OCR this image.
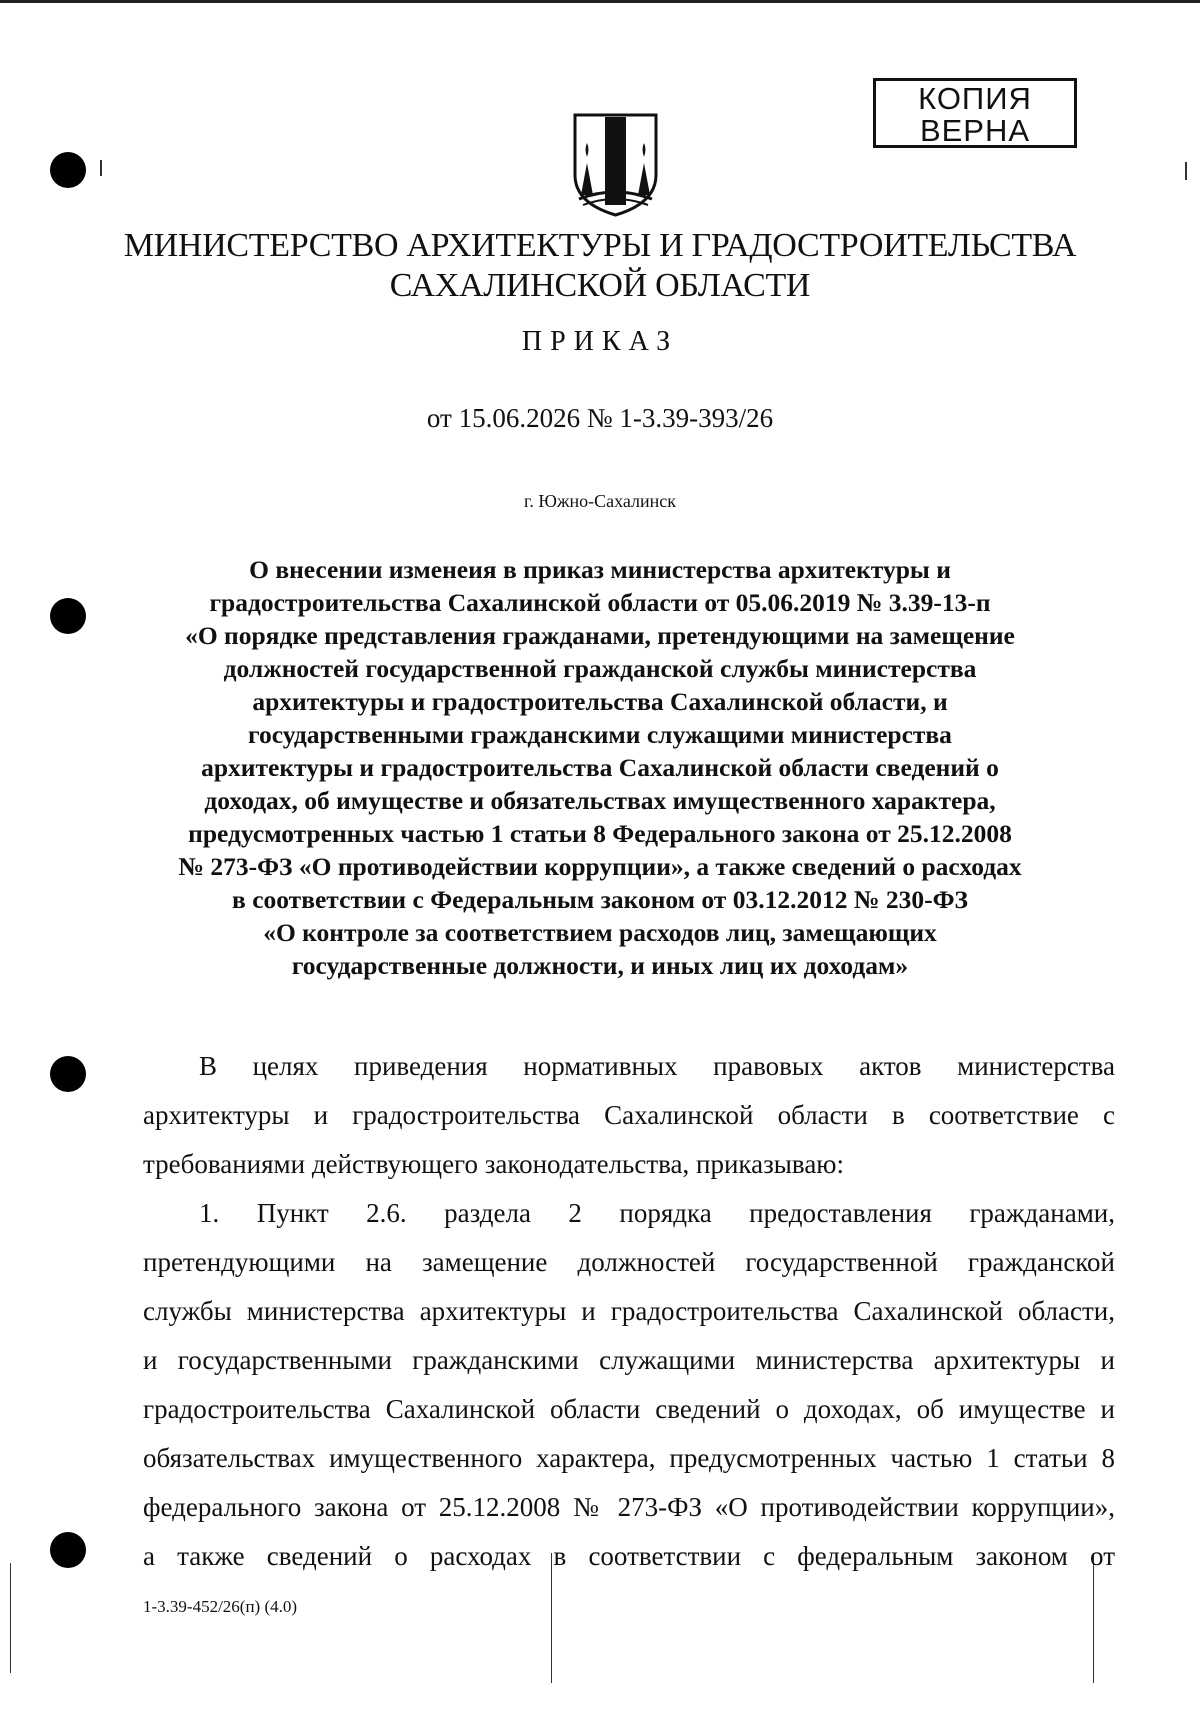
КОПИЯ
ВЕРНА
МИНИСТЕРСТВО АРХИТЕКТУРЫ И ГРАДОСТРОИТЕЛЬСТВА
САХАЛИНСКОЙ ОБЛАСТИ
ПРИКАЗ
от 15.06.2026 № 1-3.39-393/26
г. Южно-Сахалинск
О внесении изменеия в приказ министерства архитектуры и
градостроительства Сахалинской области от 05.06.2019 № 3.39-13-п
«О порядке представления гражданами, претендующими на замещение
должностей государственной гражданской службы министерства
архитектуры и градостроительства Сахалинской области, и
государственными гражданскими служащими министерства
архитектуры и градостроительства Сахалинской области сведений о
доходах, об имуществе и обязательствах имущественного характера,
предусмотренных частью 1 статьи 8 Федерального закона от 25.12.2008
№ 273-ФЗ «О противодействии коррупции», а также сведений о расходах
в соответствии с Федеральным законом от 03.12.2012 № 230-ФЗ
«О контроле за соответствием расходов лиц, замещающих
государственные должности, и иных лиц их доходам»
В целях приведения нормативных правовых актов министерства
архитектуры и градостроительства Сахалинской области в соответствие с
требованиями действующего законодательства, приказываю:
1. Пункт 2.6. раздела 2 порядка предоставления гражданами,
претендующими на замещение должностей государственной гражданской
службы министерства архитектуры и градостроительства Сахалинской области,
и государственными гражданскими служащими министерства архитектуры и
градостроительства Сахалинской области сведений о доходах, об имуществе и
обязательствах имущественного характера, предусмотренных частью 1 статьи 8
федерального закона от 25.12.2008 № 273-ФЗ «О противодействии коррупции»,
а также сведений о расходах в соответствии с федеральным законом от
1-3.39-452/26(п) (4.0)
